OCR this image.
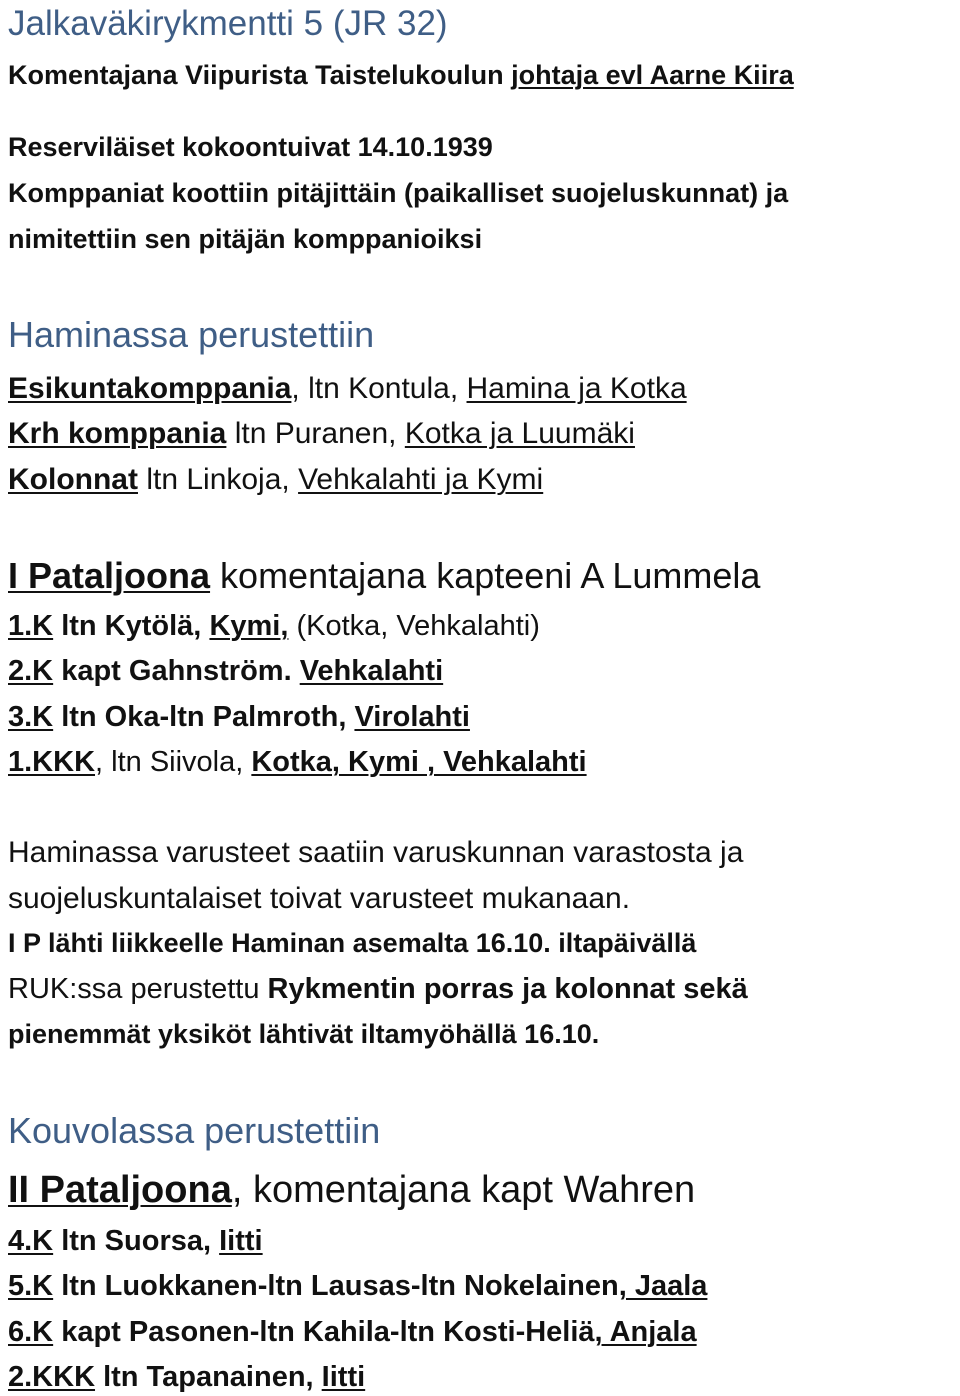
Jalkaväkirykmentti 5 (JR 32)
Komentajana Viipurista Taistelukoulun johtaja evl Aarne Kiira
Reserviläiset kokoontuivat 14.10.1939
Komppaniat koottiin pitäjittäin (paikalliset suojeluskunnat) ja
nimitettiin sen pitäjän komppanioiksi
Haminassa perustettiin
Esikuntakomppania, ltn Kontula, Hamina ja Kotka
Krh komppania ltn Puranen, Kotka ja Luumäki
Kolonnat ltn Linkoja, Vehkalahti ja Kymi
I Pataljoona komentajana kapteeni A Lummela
1.K ltn Kytölä, Kymi, (Kotka, Vehkalahti)
2.K kapt Gahnström. Vehkalahti
3.K ltn Oka-ltn Palmroth, Virolahti
1.KKK, ltn Siivola, Kotka, Kymi , Vehkalahti
Haminassa varusteet saatiin varuskunnan varastosta ja
suojeluskuntalaiset toivat varusteet mukanaan.
I P lähti liikkeelle Haminan asemalta 16.10. iltapäivällä
RUK:ssa perustettu Rykmentin porras ja kolonnat sekä
pienemmät yksiköt lähtivät iltamyöhällä 16.10.
Kouvolassa perustettiin
II Pataljoona, komentajana kapt Wahren
4.K ltn Suorsa, Iitti
5.K ltn Luokkanen-ltn Lausas-ltn Nokelainen, Jaala
6.K kapt Pasonen-ltn Kahila-ltn Kosti-Heliä, Anjala
2.KKK ltn Tapanainen, Iitti
